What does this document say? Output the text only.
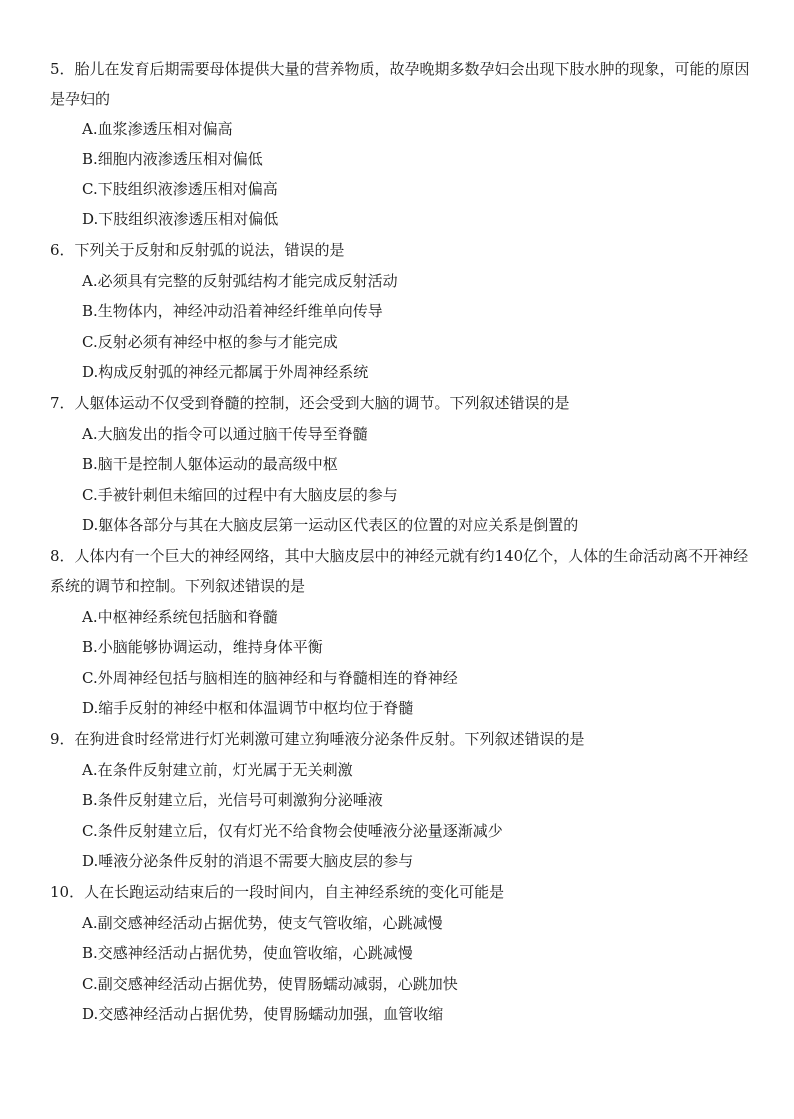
5．胎儿在发育后期需要母体提供大量的营养物质，故孕晚期多数孕妇会出现下肢水肿的现象，可能的原因是孕妇的
A.血浆渗透压相对偏高
B.细胞内液渗透压相对偏低
C.下肢组织液渗透压相对偏高
D.下肢组织液渗透压相对偏低
6．下列关于反射和反射弧的说法，错误的是
A.必须具有完整的反射弧结构才能完成反射活动
B.生物体内，神经冲动沿着神经纤维单向传导
C.反射必须有神经中枢的参与才能完成
D.构成反射弧的神经元都属于外周神经系统
7．人躯体运动不仅受到脊髓的控制，还会受到大脑的调节。下列叙述错误的是
A.大脑发出的指令可以通过脑干传导至脊髓
B.脑干是控制人躯体运动的最高级中枢
C.手被针刺但未缩回的过程中有大脑皮层的参与
D.躯体各部分与其在大脑皮层第一运动区代表区的位置的对应关系是倒置的
8．人体内有一个巨大的神经网络，其中大脑皮层中的神经元就有约140亿个，人体的生命活动离不开神经系统的调节和控制。下列叙述错误的是
A.中枢神经系统包括脑和脊髓
B.小脑能够协调运动，维持身体平衡
C.外周神经包括与脑相连的脑神经和与脊髓相连的脊神经
D.缩手反射的神经中枢和体温调节中枢均位于脊髓
9．在狗进食时经常进行灯光刺激可建立狗唾液分泌条件反射。下列叙述错误的是
A.在条件反射建立前，灯光属于无关刺激
B.条件反射建立后，光信号可刺激狗分泌唾液
C.条件反射建立后，仅有灯光不给食物会使唾液分泌量逐渐减少
D.唾液分泌条件反射的消退不需要大脑皮层的参与
10．人在长跑运动结束后的一段时间内，自主神经系统的变化可能是
A.副交感神经活动占据优势，使支气管收缩，心跳减慢
B.交感神经活动占据优势，使血管收缩，心跳减慢
C.副交感神经活动占据优势，使胃肠蠕动减弱，心跳加快
D.交感神经活动占据优势，使胃肠蠕动加强，血管收缩
